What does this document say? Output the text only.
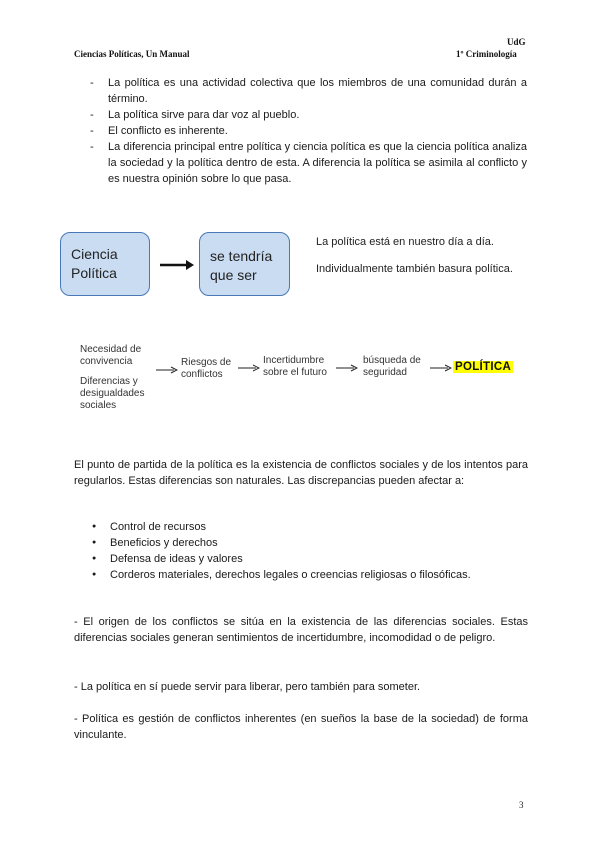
Ciencias Políticas, Un Manual
UdG
1º Criminología
- La política es una actividad colectiva que los miembros de una comunidad durán a término.
- La política sirve para dar voz al pueblo.
- El conflicto es inherente.
- La diferencia principal entre política y ciencia política es que la ciencia política analiza la sociedad y la política dentro de esta. A diferencia la política se asimila al conflicto y es nuestra opinión sobre lo que pasa.
Ciencia Política
se tendría que ser
La política está en nuestro día a día.
Individualmente también basura política.
Necesidad de convivencia
Diferencias y desigualdades sociales
Riesgos de conflictos
Incertidumbre sobre el futuro
búsqueda de seguridad	POLÍTICA

El punto de partida de la política es la existencia de conflictos sociales y de los intentos para regularlos. Estas diferencias son naturales. Las discrepancias pueden afectar a:

● Control de recursos
● Beneficios y derechos
● Defensa de ideas y valores
● Corderos materiales, derechos legales o creencias religiosas o filosóficas.

- El origen de los conflictos se sitúa en la existencia de las diferencias sociales. Estas diferencias sociales generan sentimientos de incertidumbre, incomodidad o de peligro.

- La política en sí puede servir para liberar, pero también para someter.

- Política es gestión de conflictos inherentes (en sueños la base de la sociedad) de forma vinculante.

3
